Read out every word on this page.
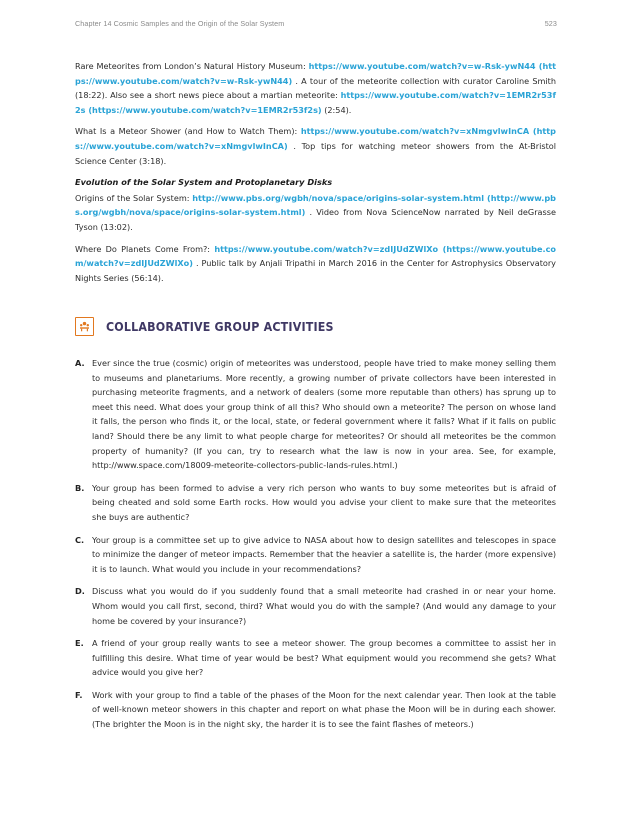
Chapter 14 Cosmic Samples and the Origin of the Solar System	523

Rare Meteorites from London’s Natural History Museum: https://www.youtube.com/watch?v=w-Rsk-ywN44 (https://www.youtube.com/watch?v=w-Rsk-ywN44) . A tour of the meteorite collection with curator Caroline Smith (18:22). Also see a short news piece about a martian meteorite: https://www.youtube.com/watch?v=1EMR2r53f2s (https://www.youtube.com/watch?v=1EMR2r53f2s) (2:54).

What Is a Meteor Shower (and How to Watch Them): https://www.youtube.com/watch?v=xNmgvlwInCA (https://www.youtube.com/watch?v=xNmgvlwInCA) . Top tips for watching meteor showers from the At-Bristol Science Center (3:18).

Evolution of the Solar System and Protoplanetary Disks

Origins of the Solar System: http://www.pbs.org/wgbh/nova/space/origins-solar-system.html (http://www.pbs.org/wgbh/nova/space/origins-solar-system.html) . Video from Nova ScienceNow narrated by Neil deGrasse Tyson (13:02).

Where Do Planets Come From?: https://www.youtube.com/watch?v=zdIJUdZWlXo (https://www.youtube.com/watch?v=zdIJUdZWlXo) . Public talk by Anjali Tripathi in March 2016 in the Center for Astrophysics Observatory Nights Series (56:14).

COLLABORATIVE GROUP ACTIVITIES
A. Ever since the true (cosmic) origin of meteorites was understood, people have tried to make money selling them to museums and planetariums. More recently, a growing number of private collectors have been interested in purchasing meteorite fragments, and a network of dealers (some more reputable than others) has sprung up to meet this need. What does your group think of all this? Who should own a meteorite? The person on whose land it falls, the person who finds it, or the local, state, or federal government where it falls? What if it falls on public land? Should there be any limit to what people charge for meteorites? Or should all meteorites be the common property of humanity? (If you can, try to research what the law is now in your area. See, for example, http://www.space.com/18009-meteorite-collectors-public-lands-rules.html.)

B. Your group has been formed to advise a very rich person who wants to buy some meteorites but is afraid of being cheated and sold some Earth rocks. How would you advise your client to make sure that the meteorites she buys are authentic?

C. Your group is a committee set up to give advice to NASA about how to design satellites and telescopes in space to minimize the danger of meteor impacts. Remember that the heavier a satellite is, the harder (more expensive) it is to launch. What would you include in your recommendations?

D. Discuss what you would do if you suddenly found that a small meteorite had crashed in or near your home. Whom would you call first, second, third? What would you do with the sample? (And would any damage to your home be covered by your insurance?)

E.	A friend of your group really wants to see a meteor shower. The group becomes a committee to assist her in fulfilling this desire. What time of year would be best? What equipment would you recommend she gets? What advice would you give her?

F.	Work with your group to find a table of the phases of the Moon for the next calendar year. Then look at the table of well-known meteor showers in this chapter and report on what phase the Moon will be in during each shower. (The brighter the Moon is in the night sky, the harder it is to see the faint flashes of meteors.)
